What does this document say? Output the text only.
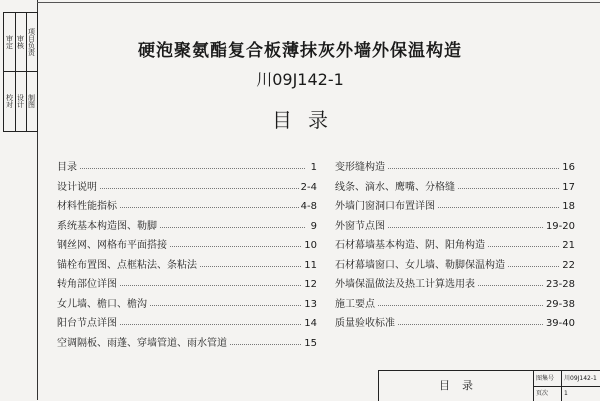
审定
校对
审核
设计
项目负责
制图
硬泡聚氨酯复合板薄抹灰外墙外保温构造
川09J142-1
目录
目录	1
设计说明	2-4
材料性能指标	4-8
系统基本构造图、勒脚	9
钢丝网、网格布平面搭接	10
锚栓布置图、点框粘法、条粘法	11
转角部位详图	12
女儿墙、檐口、檐沟	13
阳台节点详图	14
空调隔板、雨蓬、穿墙管道、雨水管道	15
变形缝构造	16
线条、滴水、鹰嘴、分格缝	17
外墙门窗洞口布置详图	18
外窗节点图	19-20
石材幕墙基本构造、阴、阳角构造	21
石材幕墙窗口、女儿墙、勒脚保温构造	22
外墙保温做法及热工计算选用表	23-28
施工要点	29-38
质量验收标准	39-40
目录
图集号 川09J142-1
页次	1
